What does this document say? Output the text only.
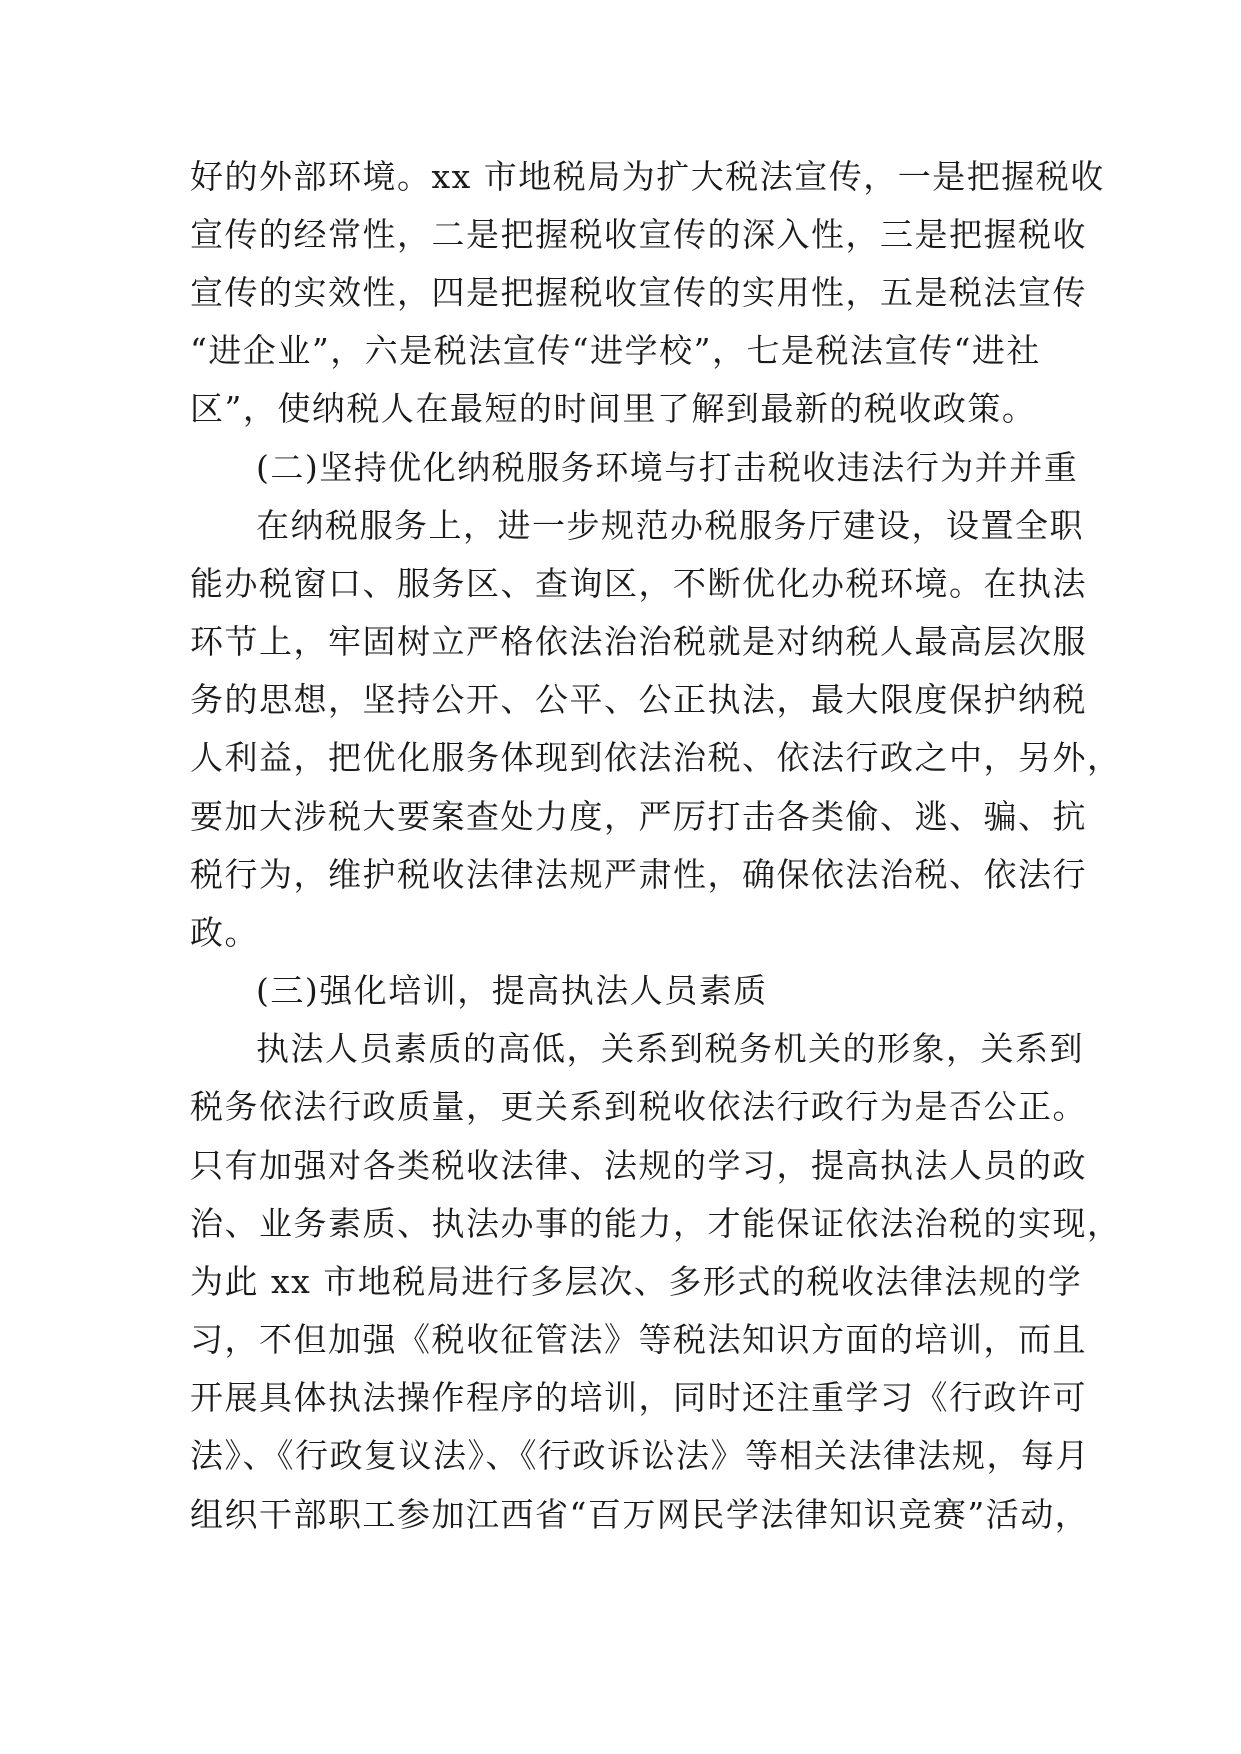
好的外部环境。xx 市地税局为扩大税法宣传，一是把握税收
宣传的经常性，二是把握税收宣传的深入性，三是把握税收
宣传的实效性，四是把握税收宣传的实用性，五是税法宣传
“进企业”，六是税法宣传“进学校”，七是税法宣传“进社
区”，使纳税人在最短的时间里了解到最新的税收政策。
(二)坚持优化纳税服务环境与打击税收违法行为并并重
在纳税服务上，进一步规范办税服务厅建设，设置全职
能办税窗口、服务区、查询区，不断优化办税环境。在执法
环节上，牢固树立严格依法治治税就是对纳税人最高层次服
务的思想，坚持公开、公平、公正执法，最大限度保护纳税
人利益，把优化服务体现到依法治税、依法行政之中，另外，
要加大涉税大要案查处力度，严厉打击各类偷、逃、骗、抗
税行为，维护税收法律法规严肃性，确保依法治税、依法行
政。
(三)强化培训，提高执法人员素质
执法人员素质的高低，关系到税务机关的形象，关系到
税务依法行政质量，更关系到税收依法行政行为是否公正。
只有加强对各类税收法律、法规的学习，提高执法人员的政
治、业务素质、执法办事的能力，才能保证依法治税的实现，
为此 xx 市地税局进行多层次、多形式的税收法律法规的学
习，不但加强《税收征管法》等税法知识方面的培训，而且
开展具体执法操作程序的培训，同时还注重学习《行政许可
法》、《行政复议法》、《行政诉讼法》等相关法律法规，每月
组织干部职工参加江西省“百万网民学法律知识竞赛”活动，
